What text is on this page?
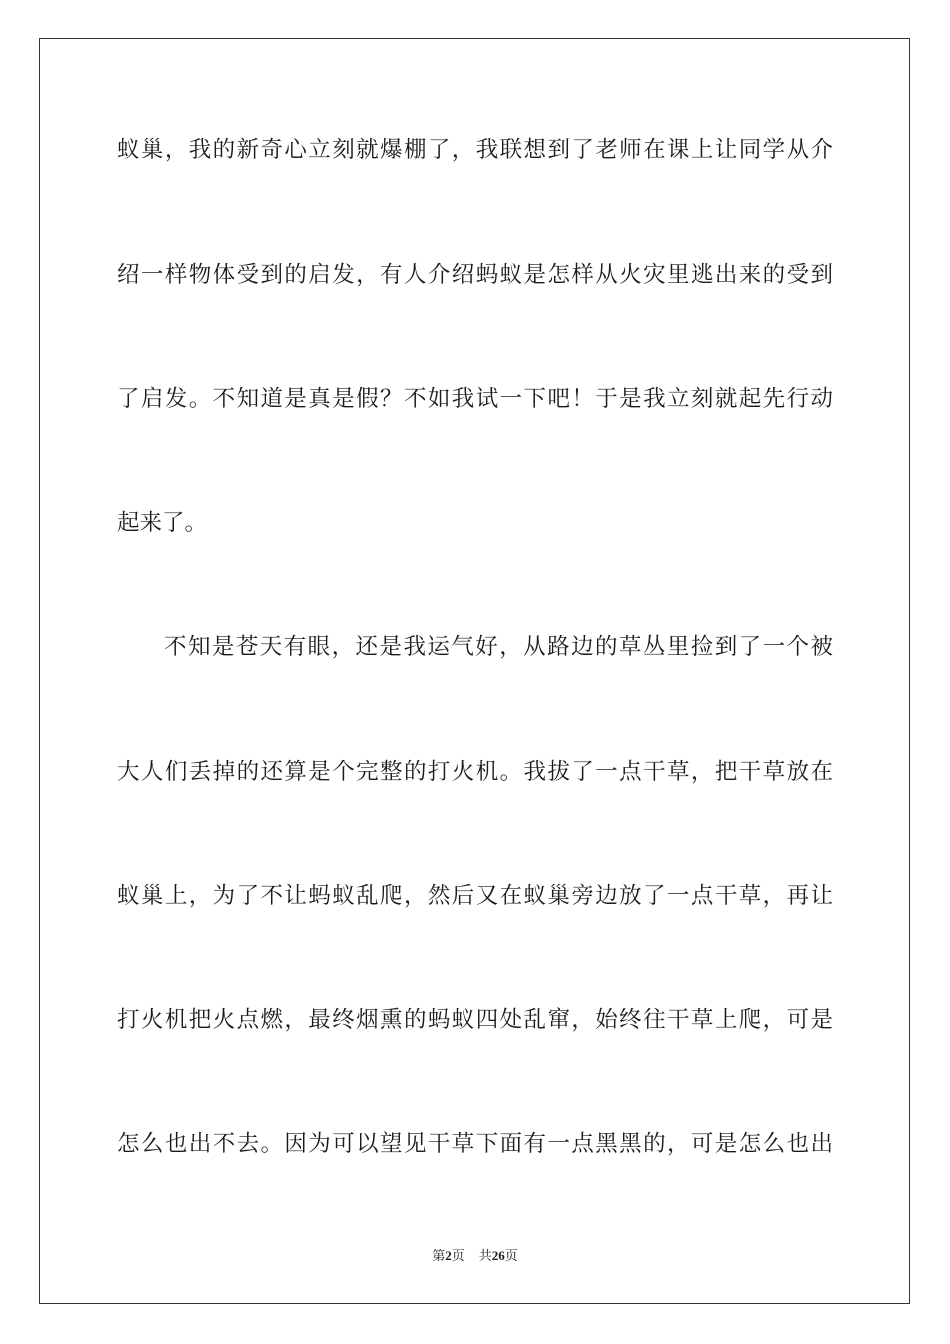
蚁巢，我的新奇心立刻就爆棚了，我联想到了老师在课上让同学从介
绍一样物体受到的启发，有人介绍蚂蚁是怎样从火灾里逃出来的受到
了启发。不知道是真是假？不如我试一下吧！于是我立刻就起先行动
起来了。
不知是苍天有眼，还是我运气好，从路边的草丛里捡到了一个被
大人们丢掉的还算是个完整的打火机。我拔了一点干草，把干草放在
蚁巢上，为了不让蚂蚁乱爬，然后又在蚁巢旁边放了一点干草，再让
打火机把火点燃，最终烟熏的蚂蚁四处乱窜，始终往干草上爬，可是
怎么也出不去。因为可以望见干草下面有一点黑黑的，可是怎么也出
第2页 共26页
